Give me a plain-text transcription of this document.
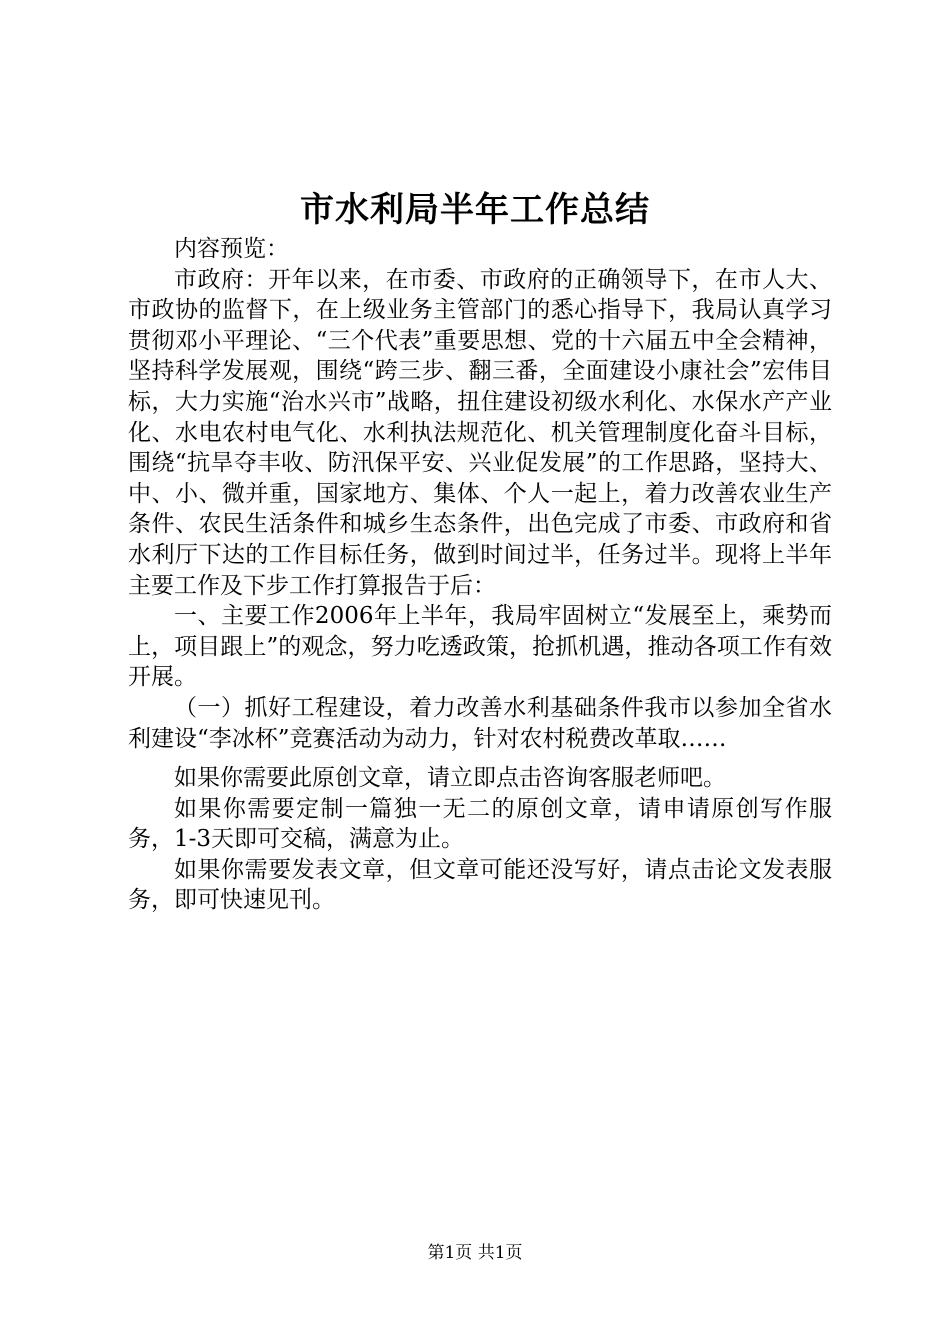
市水利局半年工作总结

内容预览：

市政府：开年以来，在市委、市政府的正确领导下，在市人大、市政协的监督下，在上级业务主管部门的悉心指导下，我局认真学习贯彻邓小平理论、“三个代表”重要思想、党的十六届五中全会精神，坚持科学发展观，围绕“跨三步、翻三番，全面建设小康社会”宏伟目标，大力实施“治水兴市”战略，扭住建设初级水利化、水保水产产业化、水电农村电气化、水利执法规范化、机关管理制度化奋斗目标，围绕“抗旱夺丰收、防汛保平安、兴业促发展”的工作思路，坚持大、中、小、微并重，国家地方、集体、个人一起上，着力改善农业生产条件、农民生活条件和城乡生态条件，出色完成了市委、市政府和省水利厅下达的工作目标任务，做到时间过半，任务过半。现将上半年主要工作及下步工作打算报告于后：

一、主要工作2006年上半年，我局牢固树立“发展至上，乘势而上，项目跟上”的观念，努力吃透政策，抢抓机遇，推动各项工作有效开展。

（一）抓好工程建设，着力改善水利基础条件我市以参加全省水利建设“李冰杯”竞赛活动为动力，针对农村税费改革取……

如果你需要此原创文章，请立即点击咨询客服老师吧。

如果你需要定制一篇独一无二的原创文章，请申请原创写作服务，1-3天即可交稿，满意为止。

如果你需要发表文章，但文章可能还没写好，请点击论文发表服务，即可快速见刊。

第1页 共1页
